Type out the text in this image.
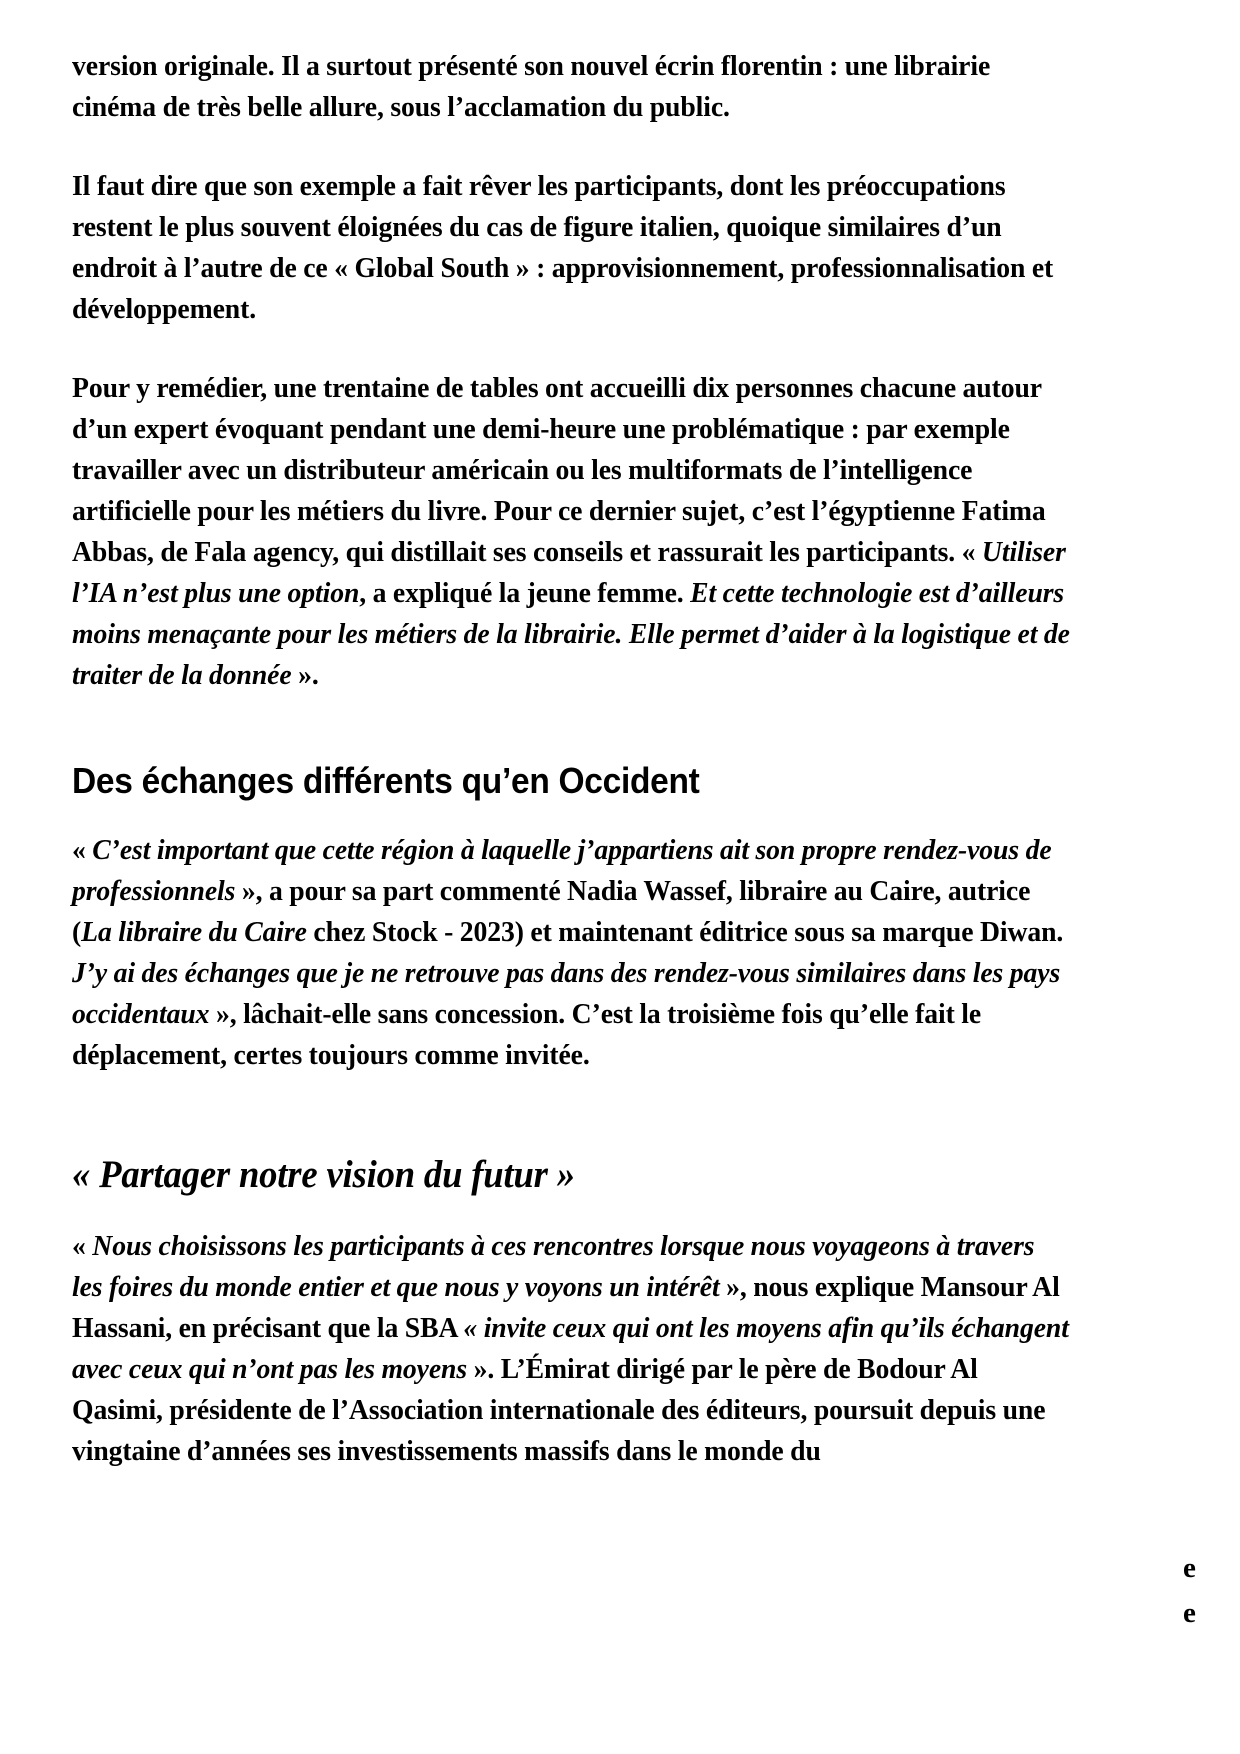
version originale. Il a surtout présenté son nouvel écrin florentin : une librairie cinéma de très belle allure, sous l’acclamation du public.

Il faut dire que son exemple a fait rêver les participants, dont les préoccupations restent le plus souvent éloignées du cas de figure italien, quoique similaires d’un endroit à l’autre de ce « Global South » : approvisionnement, professionnalisation et développement.

Pour y remédier, une trentaine de tables ont accueilli dix personnes chacune autour d’un expert évoquant pendant une demi-heure une problématique : par exemple travailler avec un distributeur américain ou les multiformats de l’intelligence artificielle pour les métiers du livre. Pour ce dernier sujet, c’est l’égyptienne Fatima Abbas, de Fala agency, qui distillait ses conseils et rassurait les participants. « Utiliser l’IA n’est plus une option, a expliqué la jeune femme. Et cette technologie est d’ailleurs moins menaçante pour les métiers de la librairie. Elle permet d’aider à la logistique et de traiter de la donnée ».

Des échanges différents qu’en Occident

« C’est important que cette région à laquelle j’appartiens ait son propre rendez-vous de professionnels », a pour sa part commenté Nadia Wassef, libraire au Caire, autrice (La libraire du Caire chez Stock - 2023) et maintenant éditrice sous sa marque Diwan. J’y ai des échanges que je ne retrouve pas dans des rendez-vous similaires dans les pays occidentaux », lâchait-elle sans concession. C’est la troisième fois qu’elle fait le déplacement, certes toujours comme invitée.

« Partager notre vision du futur »

« Nous choisissons les participants à ces rencontres lorsque nous voyageons à travers les foires du monde entier et que nous y voyons un intérêt », nous explique Mansour Al Hassani, en précisant que la SBA « invite ceux qui ont les moyens afin qu’ils échangent avec ceux qui n’ont pas les moyens ». L’Émirat dirigé par le père de Bodour Al Qasimi, présidente de l’Association internationale des éditeurs, poursuit depuis une vingtaine d’années ses investissements massifs dans le monde du

e
e
